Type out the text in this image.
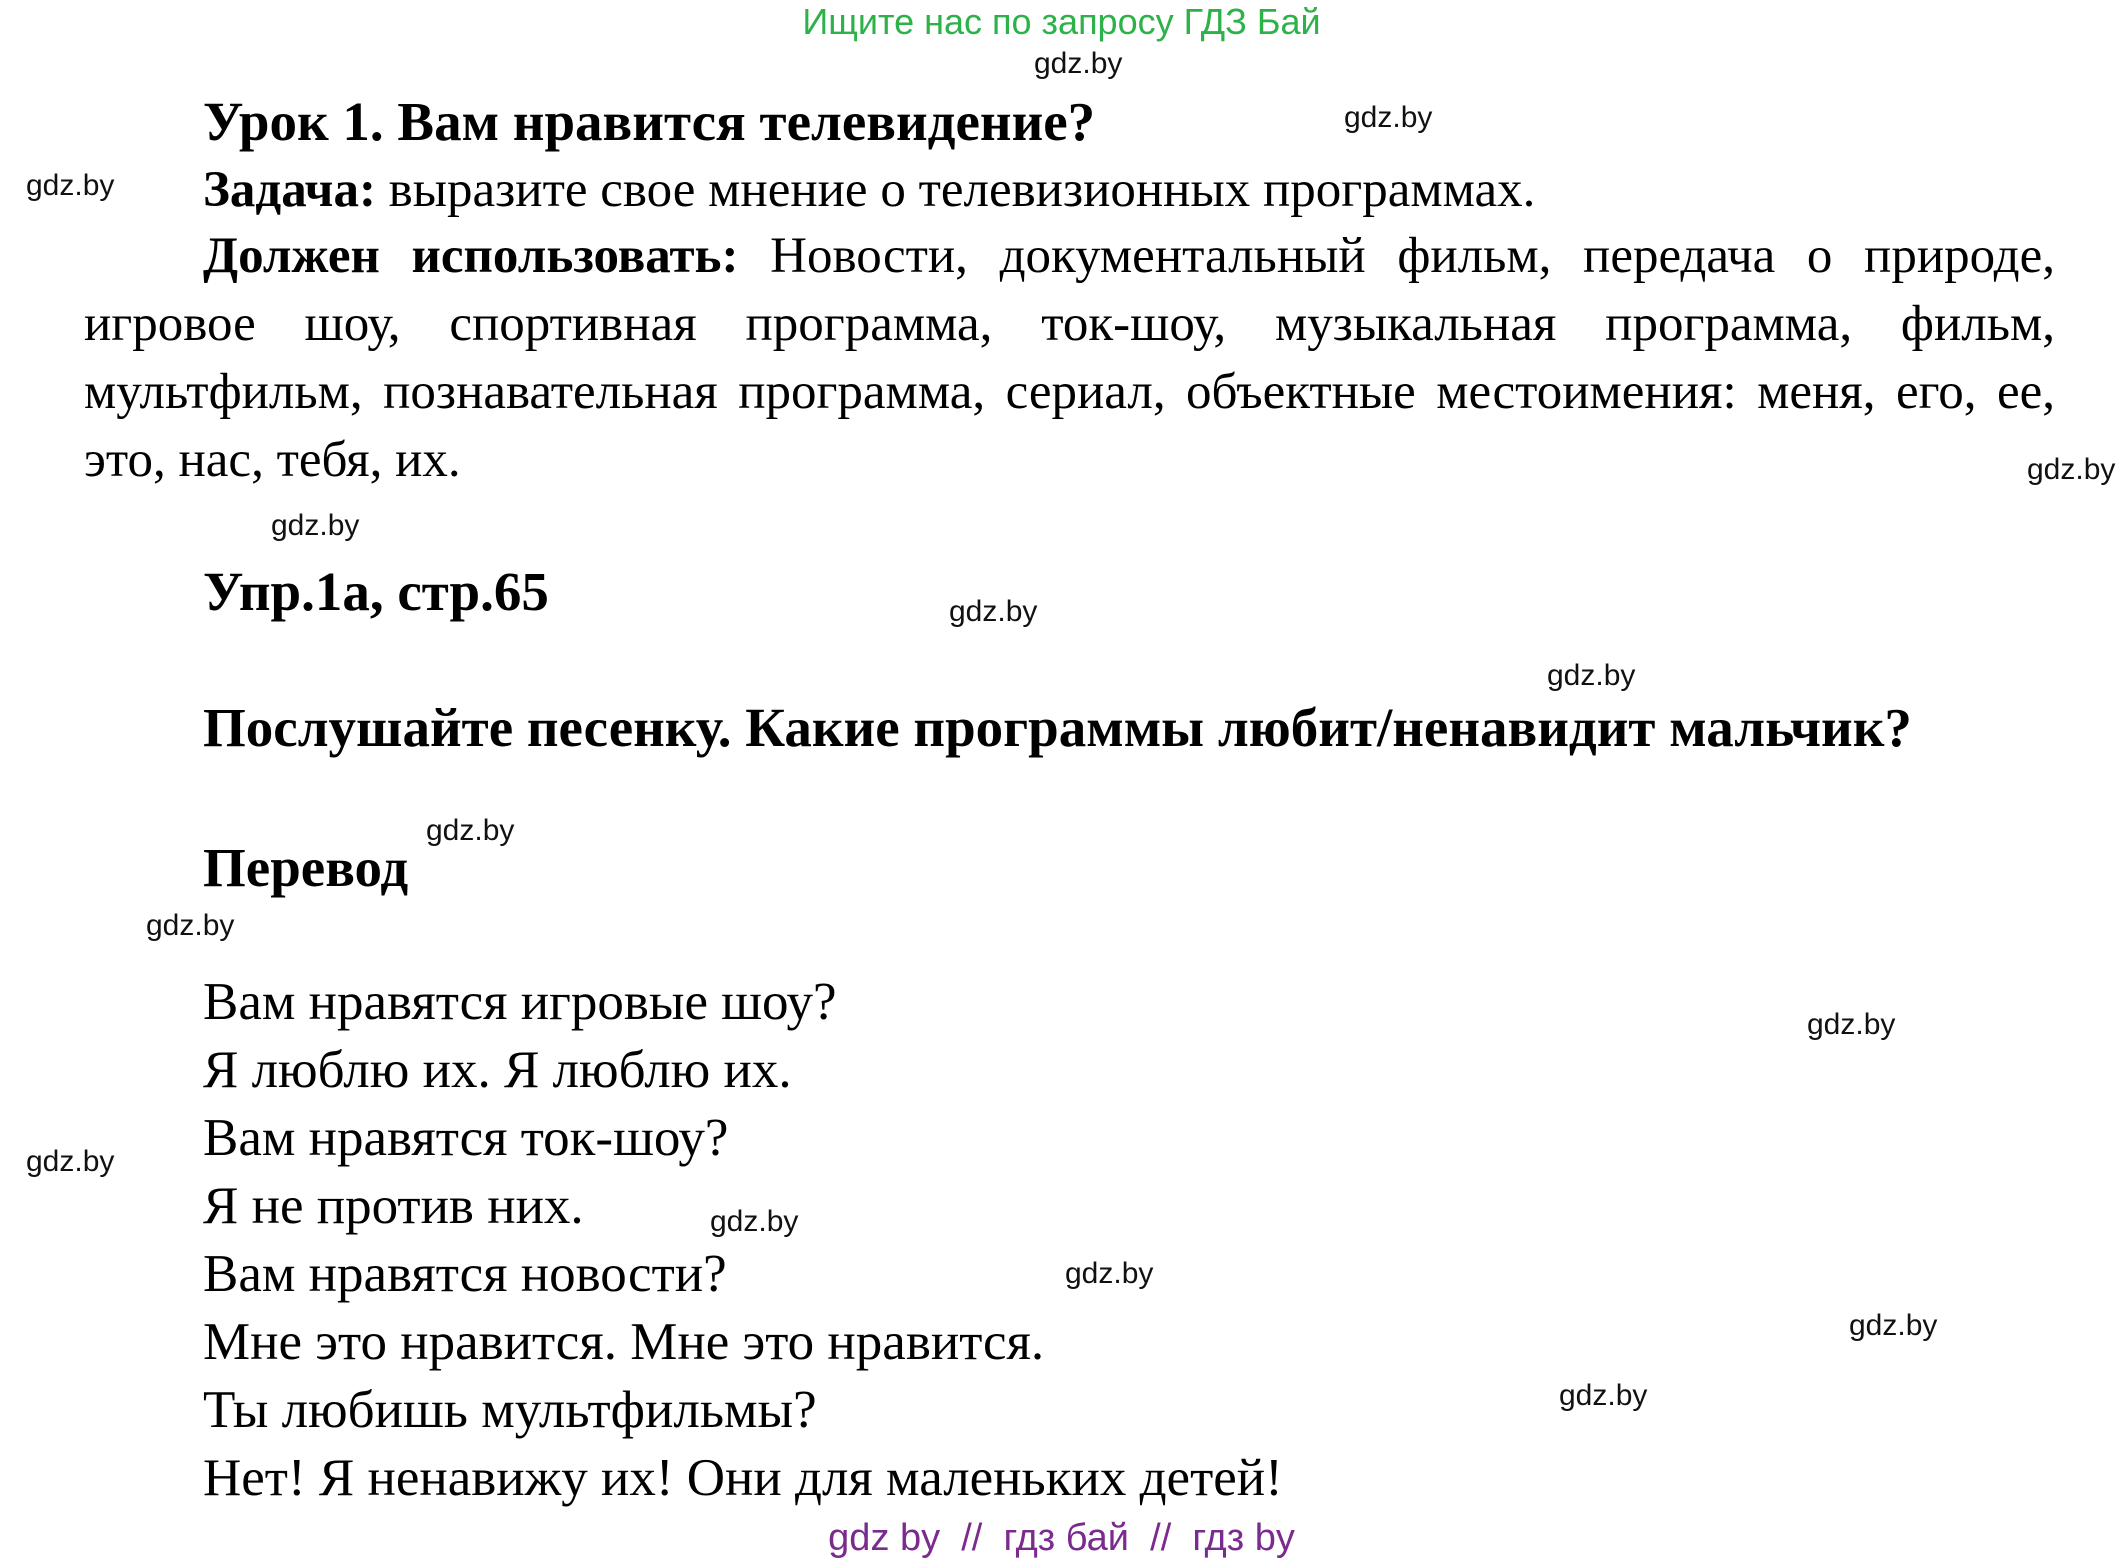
Ищите нас по запросу ГДЗ Бай
Урок 1. Вам нравится телевидение?
Задача: выразите свое мнение о телевизионных программах.
Должен использовать: Новости, документальный фильм, передача о природе, игровое шоу, спортивная программа, ток-шоу, музыкальная программа, фильм, мультфильм, познавательная программа, сериал, объектные местоимения: меня, его, ее, это, нас, тебя, их.
Упр.1а, стр.65
Послушайте песенку. Какие программы любит/ненавидит мальчик?
Перевод
Вам нравятся игровые шоу?
Я люблю их. Я люблю их.
Вам нравятся ток-шоу?
Я не против них.
Вам нравятся новости?
Мне это нравится. Мне это нравится.
Ты любишь мультфильмы?
Нет! Я ненавижу их! Они для маленьких детей!
gdz.by
gdz.by
gdz.by
gdz.by
gdz.by
gdz.by
gdz.by
gdz.by
gdz.by
gdz.by
gdz.by
gdz.by
gdz.by
gdz.by
gdz.by
gdz by  //  гдз бай  //  гдз by
